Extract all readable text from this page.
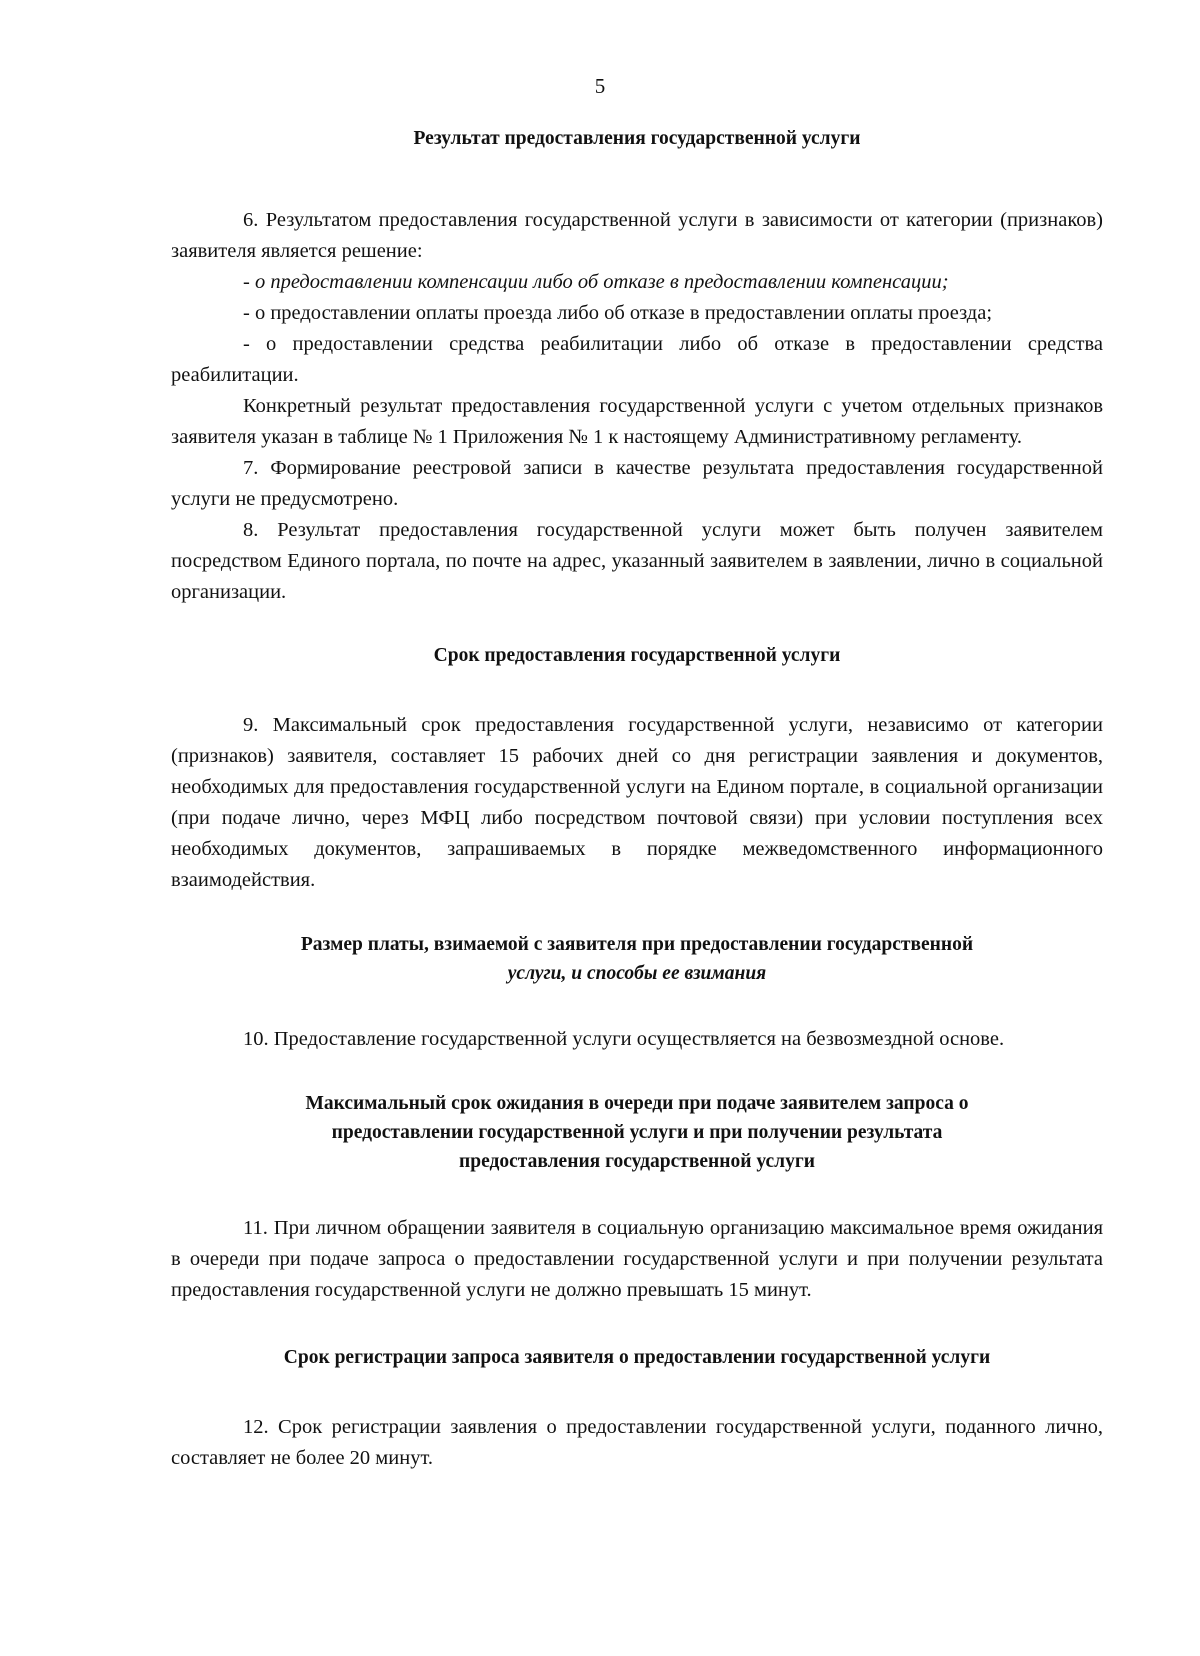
5
Результат предоставления государственной услуги

6. Результатом предоставления государственной услуги в зависимости от категории (признаков) заявителя является решение:

- о предоставлении компенсации либо об отказе в предоставлении компенсации;

- о предоставлении оплаты проезда либо об отказе в предоставлении оплаты проезда;

- о предоставлении средства реабилитации либо об отказе в предоставлении средства реабилитации.

Конкретный результат предоставления государственной услуги с учетом отдельных признаков заявителя указан в таблице № 1 Приложения № 1 к настоящему Административному регламенту.

7. Формирование реестровой записи в качестве результата предоставления государственной услуги не предусмотрено.

8. Результат предоставления государственной услуги может быть получен заявителем посредством Единого портала, по почте на адрес, указанный заявителем в заявлении, лично в социальной организации.

Срок предоставления государственной услуги

9. Максимальный срок предоставления государственной услуги, независимо от категории (признаков) заявителя, составляет 15 рабочих дней со дня регистрации заявления и документов, необходимых для предоставления государственной услуги на Едином портале, в социальной организации (при подаче лично, через МФЦ либо посредством почтовой связи) при условии поступления всех необходимых документов, запрашиваемых в порядке межведомственного информационного взаимодействия.

Размер платы, взимаемой с заявителя при предоставлении государственной
услуги, и способы ее взимания

10. Предоставление государственной услуги осуществляется на безвозмездной основе.

Максимальный срок ожидания в очереди при подаче заявителем запроса о
предоставлении государственной услуги и при получении результата
предоставления государственной услуги

11. При личном обращении заявителя в социальную организацию максимальное время ожидания в очереди при подаче запроса о предоставлении государственной услуги и при получении результата предоставления государственной услуги не должно превышать 15 минут.

Срок регистрации запроса заявителя о предоставлении государственной услуги

12. Срок регистрации заявления о предоставлении государственной услуги, поданного лично, составляет не более 20 минут.
